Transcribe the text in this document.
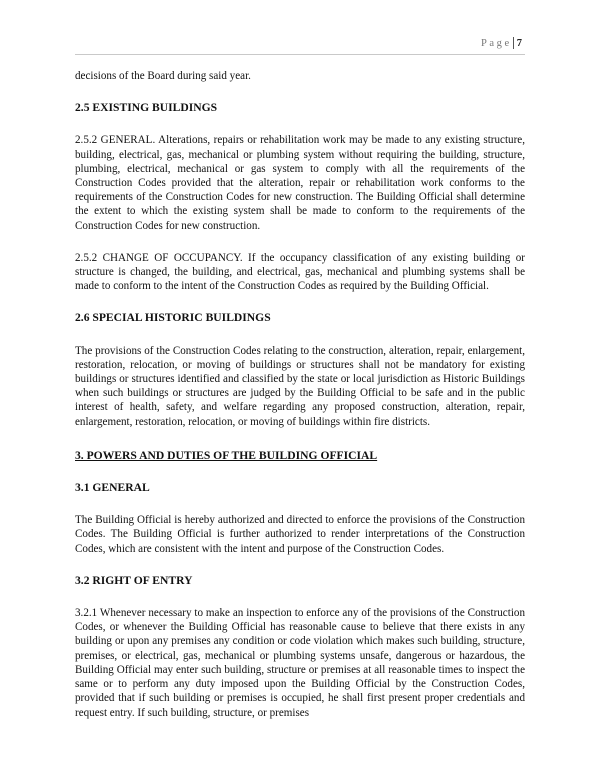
Page 7

decisions of the Board during said year.

2.5 EXISTING BUILDINGS

2.5.2 GENERAL. Alterations, repairs or rehabilitation work may be made to any existing structure, building, electrical, gas, mechanical or plumbing system without requiring the building, structure, plumbing, electrical, mechanical or gas system to comply with all the requirements of the Construction Codes provided that the alteration, repair or rehabilitation work conforms to the requirements of the Construction Codes for new construction. The Building Official shall determine the extent to which the existing system shall be made to conform to the requirements of the Construction Codes for new construction.

2.5.2 CHANGE OF OCCUPANCY. If the occupancy classification of any existing building or structure is changed, the building, and electrical, gas, mechanical and plumbing systems shall be made to conform to the intent of the Construction Codes as required by the Building Official.

2.6 SPECIAL HISTORIC BUILDINGS

The provisions of the Construction Codes relating to the construction, alteration, repair, enlargement, restoration, relocation, or moving of buildings or structures shall not be mandatory for existing buildings or structures identified and classified by the state or local jurisdiction as Historic Buildings when such buildings or structures are judged by the Building Official to be safe and in the public interest of health, safety, and welfare regarding any proposed construction, alteration, repair, enlargement, restoration, relocation, or moving of buildings within fire districts.

3. POWERS AND DUTIES OF THE BUILDING OFFICIAL

3.1 GENERAL

The Building Official is hereby authorized and directed to enforce the provisions of the Construction Codes. The Building Official is further authorized to render interpretations of the Construction Codes, which are consistent with the intent and purpose of the Construction Codes.

3.2 RIGHT OF ENTRY

3.2.1 Whenever necessary to make an inspection to enforce any of the provisions of the Construction Codes, or whenever the Building Official has reasonable cause to believe that there exists in any building or upon any premises any condition or code violation which makes such building, structure, premises, or electrical, gas, mechanical or plumbing systems unsafe, dangerous or hazardous, the Building Official may enter such building, structure or premises at all reasonable times to inspect the same or to perform any duty imposed upon the Building Official by the Construction Codes, provided that if such building or premises is occupied, he shall first present proper credentials and request entry. If such building, structure, or premises
